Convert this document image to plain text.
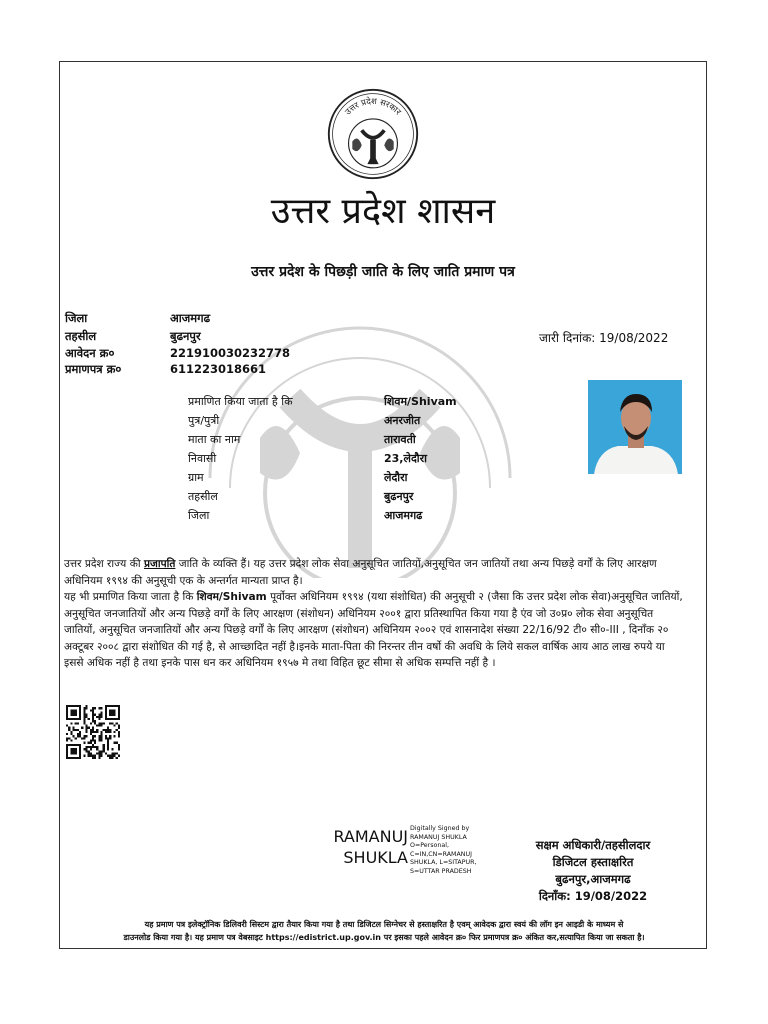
उत्तर प्रदेश सरकार
उत्तर प्रदेश शासन
उत्तर प्रदेश के पिछड़ी जाति के लिए जाति प्रमाण पत्र
जिला	आजमगढ
तहसील	बुढनपुर
आवेदन क्र०	221910030232778
प्रमाणपत्र क्र०	611223018661
जारी दिनांक: 19/08/2022
प्रमाणित किया जाता है कि	शिवम/Shivam
पुत्र/पुत्री	अनरजीत
माता का नाम	तारावती
निवासी	23,लेदौरा
ग्राम	लेदौरा
तहसील	बुढनपुर
जिला	आजमगढ
उत्तर प्रदेश राज्य की प्रजापति जाति के व्यक्ति हैं। यह उत्तर प्रदेश लोक सेवा अनुसूचित जातियों,अनुसूचित जन जातियों तथा अन्य पिछड़े वर्गों के लिए आरक्षण अधिनियम १९९४ की अनुसूची एक के अन्तर्गत मान्यता प्राप्त है।
यह भी प्रमाणित किया जाता है कि शिवम/Shivam पूर्वोक्त अधिनियम १९९४ (यथा संशोधित) की अनुसूची २ (जैसा कि उत्तर प्रदेश लोक सेवा)अनुसूचित जातियों, अनुसूचित जनजातियों और अन्य पिछड़े वर्गों के लिए आरक्षण (संशोधन) अधिनियम २००१ द्वारा प्रतिस्थापित किया गया है एंव जो उ०प्र० लोक सेवा अनुसूचित जातियों, अनुसूचित जनजातियों और अन्य पिछड़े वर्गों के लिए आरक्षण (संशोधन) अधिनियम २००२ एवं शासनादेश संख्या 22/16/92 टी० सी०-III , दिनाँक २० अक्टूबर २००८ द्वारा संशोधित की गई है, से आच्छादित नहीं है।इनके माता-पिता की निरन्तर तीन वर्षो की अवधि के लिये सकल वार्षिक आय आठ लाख रुपये या इससे अधिक नहीं है तथा इनके पास धन कर अधिनियम १९५७ मे तथा विहित छूट सीमा से अधिक सम्पत्ति नहीं है ।
RAMANUJ
SHUKLA
Digitally Signed by
RAMANUJ SHUKLA
O=Personal,
C=IN,CN=RAMANUJ
SHUKLA, L=SITAPUR,
S=UTTAR PRADESH
सक्षम अधिकारी/तहसीलदार
डिजिटल हस्ताक्षरित
बुढनपुर,आजमगढ
दिनाँक: 19/08/2022
यह प्रमाण पत्र इलेक्ट्रॉनिक डिलिवरी सिस्टम द्वारा तैयार किया गया है तथा डिजिटल सिग्नेचर से हस्ताक्षरित है एवम् आवेदक द्वारा स्वयं की लॉग इन आइडी के माध्यम से
डाउनलोड किया गया है। यह प्रमाण पत्र वेबसाइट https://edistrict.up.gov.in पर इसका पहले आवेदन क्र० फिर प्रमाणपत्र क्र० अंकित कर,सत्यापित किया जा सकता है।
